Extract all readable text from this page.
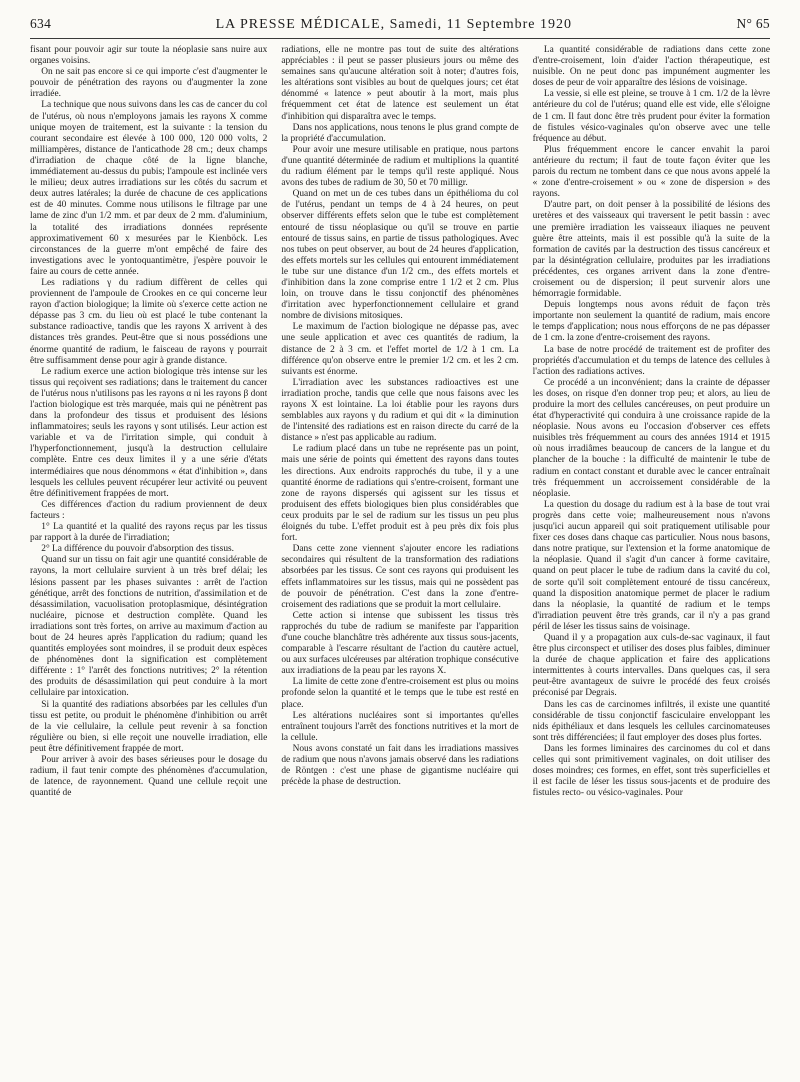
634	LA PRESSE MÉDICALE, Samedi, 11 Septembre 1920	N° 65

fisant pour pouvoir agir sur toute la néoplasie sans nuire aux organes voisins.

On ne sait pas encore si ce qui importe c'est d'augmenter le pouvoir de pénétration des rayons ou d'augmenter la zone irradiée.

La technique que nous suivons dans les cas de cancer du col de l'utérus, où nous n'employons jamais les rayons X comme unique moyen de traitement, est la suivante : la tension du courant secondaire est élevée à 100 000, 120 000 volts, 2 milliampères, distance de l'anticathode 28 cm.; deux champs d'irradiation de chaque côté de la ligne blanche, immédiatement au-dessus du pubis; l'ampoule est inclinée vers le milieu; deux autres irradiations sur les côtés du sacrum et deux autres latérales; la durée de chacune de ces applications est de 40 minutes. Comme nous utilisons le filtrage par une lame de zinc d'un 1/2 mm. et par deux de 2 mm. d'aluminium, la totalité des irradiations données représente approximativement 60 x mesurées par le Kienböck. Les circonstances de la guerre m'ont empêché de faire des investigations avec le yontoquantimètre, j'espère pouvoir le faire au cours de cette année.

Les radiations γ du radium diffèrent de celles qui proviennent de l'ampoule de Crookes en ce qui concerne leur rayon d'action biologique; la limite où s'exerce cette action ne dépasse pas 3 cm. du lieu où est placé le tube contenant la substance radioactive, tandis que les rayons X arrivent à des distances très grandes. Peut-être que si nous possédions une énorme quantité de radium, le faisceau de rayons γ pourrait être suffisamment dense pour agir à grande distance.

Le radium exerce une action biologique très intense sur les tissus qui reçoivent ses radiations; dans le traitement du cancer de l'utérus nous n'utilisons pas les rayons α ni les rayons β dont l'action biologique est très marquée, mais qui ne pénètrent pas dans la profondeur des tissus et produisent des lésions inflammatoires; seuls les rayons γ sont utilisés. Leur action est variable et va de l'irritation simple, qui conduit à l'hyperfonctionnement, jusqu'à la destruction cellulaire complète. Entre ces deux limites il y a une série d'états intermédiaires que nous dénommons « état d'inhibition », dans lesquels les cellules peuvent récupérer leur activité ou peuvent être définitivement frappées de mort.

Ces différences d'action du radium proviennent de deux facteurs :

1° La quantité et la qualité des rayons reçus par les tissus par rapport à la durée de l'irradiation;

2° La différence du pouvoir d'absorption des tissus.

Quand sur un tissu on fait agir une quantité considérable de rayons, la mort cellulaire survient à un très bref délai; les lésions passent par les phases suivantes : arrêt de l'action génétique, arrêt des fonctions de nutrition, d'assimilation et de désassimilation, vacuolisation protoplasmique, désintégration nucléaire, picnose et destruction complète. Quand les irradiations sont très fortes, on arrive au maximum d'action au bout de 24 heures après l'application du radium; quand les quantités employées sont moindres, il se produit deux espèces de phénomènes dont la signification est complètement différente : 1° l'arrêt des fonctions nutritives; 2° la rétention des produits de désassimilation qui peut conduire à la mort cellulaire par intoxication.

Si la quantité des radiations absorbées par les cellules d'un tissu est petite, ou produit le phénomène d'inhibition ou arrêt de la vie cellulaire, la cellule peut revenir à sa fonction régulière ou bien, si elle reçoit une nouvelle irradiation, elle peut être définitivement frappée de mort.

Pour arriver à avoir des bases sérieuses pour le dosage du radium, il faut tenir compte des phénomènes d'accumulation, de latence, de rayonnement. Quand une cellule reçoit une quantité de

radiations, elle ne montre pas tout de suite des altérations appréciables : il peut se passer plusieurs jours ou même des semaines sans qu'aucune altération soit à noter; d'autres fois, les altérations sont visibles au bout de quelques jours; cet état dénommé « latence » peut aboutir à la mort, mais plus fréquemment cet état de latence est seulement un état d'inhibition qui disparaîtra avec le temps.

Dans nos applications, nous tenons le plus grand compte de la propriété d'accumulation.

Pour avoir une mesure utilisable en pratique, nous partons d'une quantité déterminée de radium et multiplions la quantité du radium élément par le temps qu'il reste appliqué. Nous avons des tubes de radium de 30, 50 et 70 milligr.

Quand on met un de ces tubes dans un épithélioma du col de l'utérus, pendant un temps de 4 à 24 heures, on peut observer différents effets selon que le tube est complètement entouré de tissu néoplasique ou qu'il se trouve en partie entouré de tissus sains, en partie de tissus pathologiques. Avec nos tubes on peut observer, au bout de 24 heures d'application, des effets mortels sur les cellules qui entourent immédiatement le tube sur une distance d'un 1/2 cm., des effets mortels et d'inhibition dans la zone comprise entre 1 1/2 et 2 cm. Plus loin, on trouve dans le tissu conjonctif des phénomènes d'irritation avec hyperfonctionnement cellulaire et grand nombre de divisions mitosiques.

Le maximum de l'action biologique ne dépasse pas, avec une seule application et avec ces quantités de radium, la distance de 2 à 3 cm. et l'effet mortel de 1/2 à 1 cm. La différence qu'on observe entre le premier 1/2 cm. et les 2 cm. suivants est énorme.

L'irradiation avec les substances radioactives est une irradiation proche, tandis que celle que nous faisons avec les rayons X est lointaine. La loi établie pour les rayons durs semblables aux rayons γ du radium et qui dit « la diminution de l'intensité des radiations est en raison directe du carré de la distance » n'est pas applicable au radium.

Le radium placé dans un tube ne représente pas un point, mais une série de points qui émettent des rayons dans toutes les directions. Aux endroits rapprochés du tube, il y a une quantité énorme de radiations qui s'entre-croisent, formant une zone de rayons dispersés qui agissent sur les tissus et produisent des effets biologiques bien plus considérables que ceux produits par le sel de radium sur les tissus un peu plus éloignés du tube. L'effet produit est à peu près dix fois plus fort.

Dans cette zone viennent s'ajouter encore les radiations secondaires qui résultent de la transformation des radiations absorbées par les tissus. Ce sont ces rayons qui produisent les effets inflammatoires sur les tissus, mais qui ne possèdent pas de pouvoir de pénétration. C'est dans la zone d'entre-croisement des radiations que se produit la mort cellulaire.

Cette action si intense que subissent les tissus très rapprochés du tube de radium se manifeste par l'apparition d'une couche blanchâtre très adhérente aux tissus sous-jacents, comparable à l'escarre résultant de l'action du cautère actuel, ou aux surfaces ulcéreuses par altération trophique consécutive aux irradiations de la peau par les rayons X.

La limite de cette zone d'entre-croisement est plus ou moins profonde selon la quantité et le temps que le tube est resté en place.

Les altérations nucléaires sont si importantes qu'elles entraînent toujours l'arrêt des fonctions nutritives et la mort de la cellule.

Nous avons constaté un fait dans les irradiations massives de radium que nous n'avons jamais observé dans les radiations de Röntgen : c'est une phase de gigantisme nucléaire qui précède la phase de destruction.

La quantité considérable de radiations dans cette zone d'entre-croisement, loin d'aider l'action thérapeutique, est nuisible. On ne peut donc pas impunément augmenter les doses de peur de voir apparaître des lésions de voisinage.

La vessie, si elle est pleine, se trouve à 1 cm. 1/2 de la lèvre antérieure du col de l'utérus; quand elle est vide, elle s'éloigne de 1 cm. Il faut donc être très prudent pour éviter la formation de fistules vésico-vaginales qu'on observe avec une telle fréquence au début.

Plus fréquemment encore le cancer envahit la paroi antérieure du rectum; il faut de toute façon éviter que les parois du rectum ne tombent dans ce que nous avons appelé la « zone d'entre-croisement » ou « zone de dispersion » des rayons.

D'autre part, on doit penser à la possibilité de lésions des uretères et des vaisseaux qui traversent le petit bassin : avec une première irradiation les vaisseaux iliaques ne peuvent guère être atteints, mais il est possible qu'à la suite de la formation de cavités par la destruction des tissus cancéreux et par la désintégration cellulaire, produites par les irradiations précédentes, ces organes arrivent dans la zone d'entre-croisement ou de dispersion; il peut survenir alors une hémorragie formidable.

Depuis longtemps nous avons réduit de façon très importante non seulement la quantité de radium, mais encore le temps d'application; nous nous efforçons de ne pas dépasser de 1 cm. la zone d'entre-croisement des rayons.

La base de notre procédé de traitement est de profiter des propriétés d'accumulation et du temps de latence des cellules à l'action des radiations actives.

Ce procédé a un inconvénient; dans la crainte de dépasser les doses, on risque d'en donner trop peu; et alors, au lieu de produire la mort des cellules cancéreuses, on peut produire un état d'hyperactivité qui conduira à une croissance rapide de la néoplasie. Nous avons eu l'occasion d'observer ces effets nuisibles très fréquemment au cours des années 1914 et 1915 où nous irradiâmes beaucoup de cancers de la langue et du plancher de la bouche : la difficulté de maintenir le tube de radium en contact constant et durable avec le cancer entraînait très fréquemment un accroissement considérable de la néoplasie.

La question du dosage du radium est à la base de tout vrai progrès dans cette voie; malheureusement nous n'avons jusqu'ici aucun appareil qui soit pratiquement utilisable pour fixer ces doses dans chaque cas particulier. Nous nous basons, dans notre pratique, sur l'extension et la forme anatomique de la néoplasie. Quand il s'agit d'un cancer à forme cavitaire, quand on peut placer le tube de radium dans la cavité du col, de sorte qu'il soit complètement entouré de tissu cancéreux, quand la disposition anatomique permet de placer le radium dans la néoplasie, la quantité de radium et le temps d'irradiation peuvent être très grands, car il n'y a pas grand péril de léser les tissus sains de voisinage.

Quand il y a propagation aux culs-de-sac vaginaux, il faut être plus circonspect et utiliser des doses plus faibles, diminuer la durée de chaque application et faire des applications intermittentes à courts intervalles. Dans quelques cas, il sera peut-être avantageux de suivre le procédé des feux croisés préconisé par Degrais.

Dans les cas de carcinomes infiltrés, il existe une quantité considérable de tissu conjonctif fasciculaire enveloppant les nids épithéliaux et dans lesquels les cellules carcinomateuses sont très différenciées; il faut employer des doses plus fortes.

Dans les formes liminaires des carcinomes du col et dans celles qui sont primitivement vaginales, on doit utiliser des doses moindres; ces formes, en effet, sont très superficielles et il est facile de léser les tissus sous-jacents et de produire des fistules recto- ou vésico-vaginales. Pour
